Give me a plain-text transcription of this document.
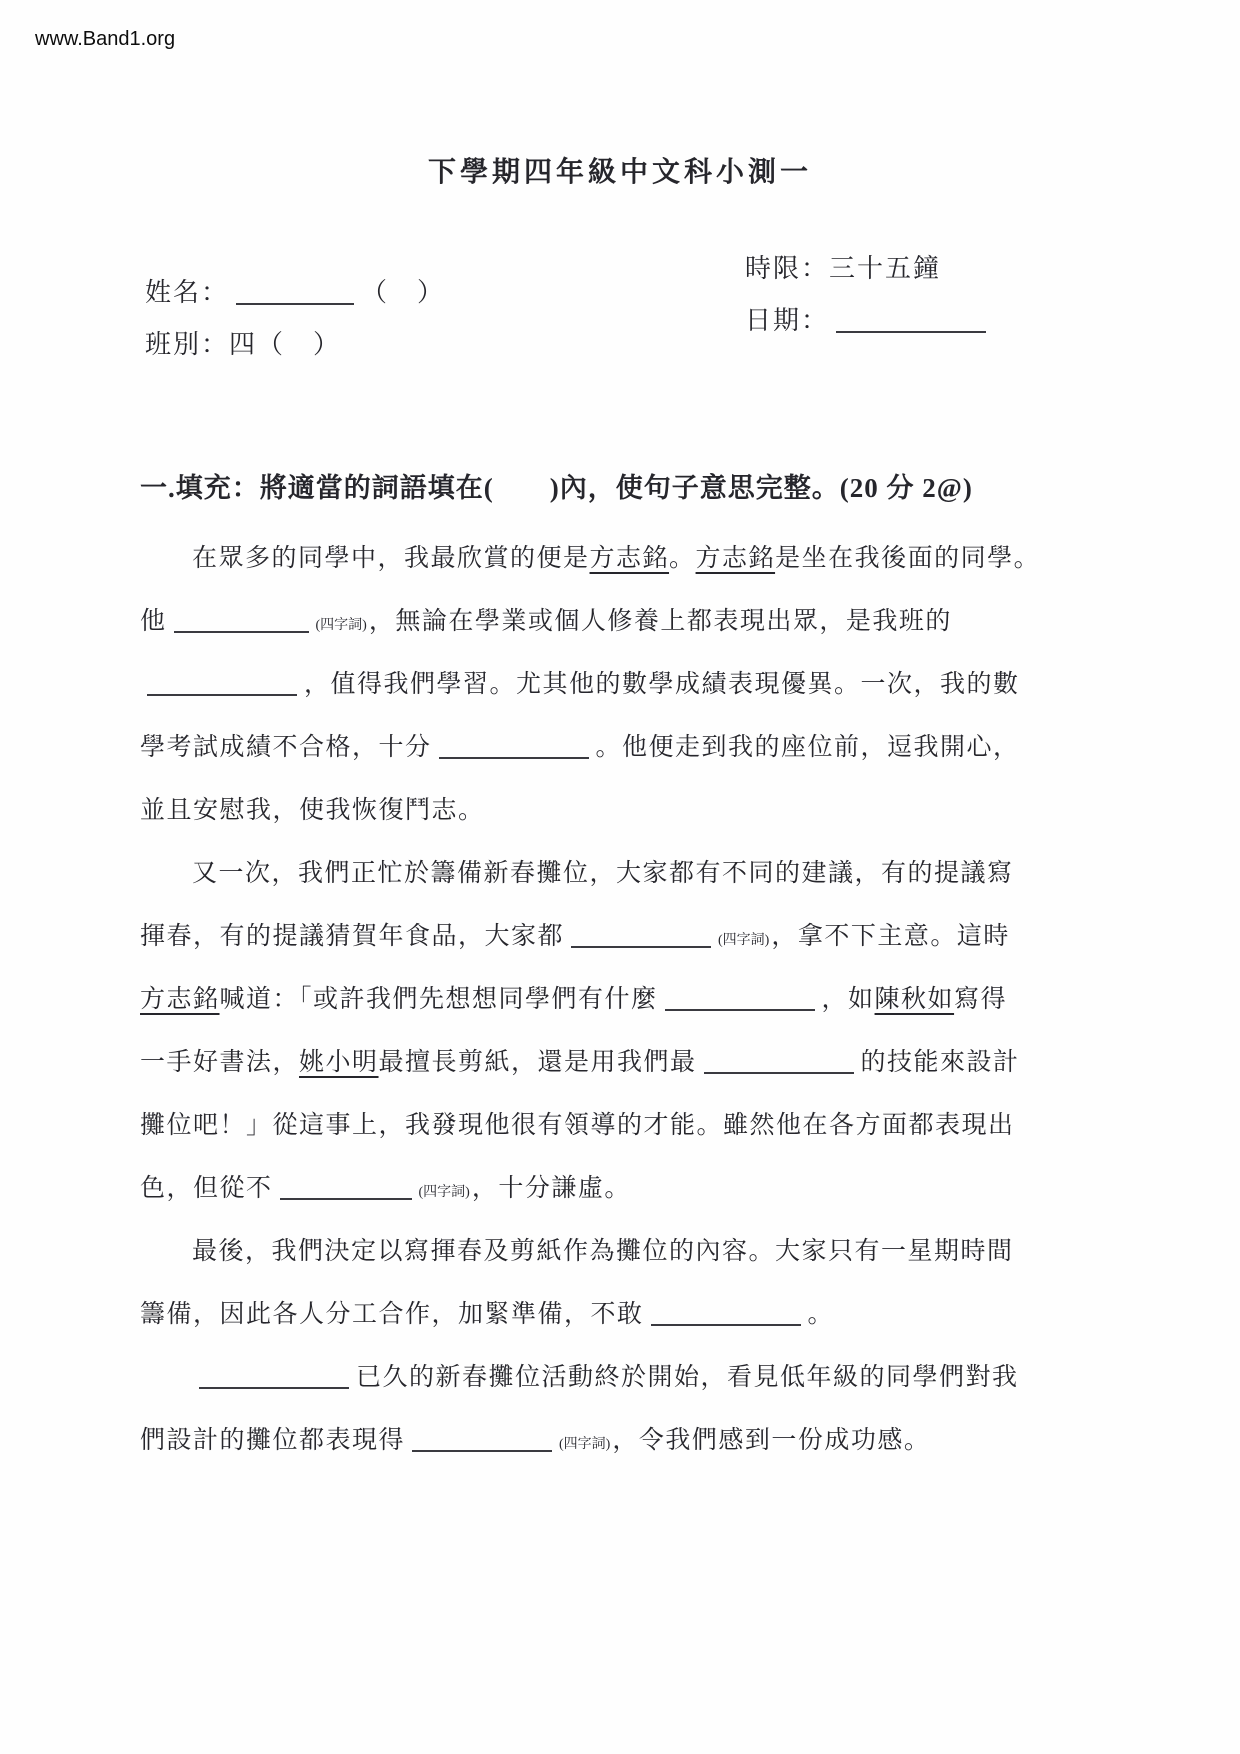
www.Band1.org
下學期四年級中文科小測一
姓名：	（　）
班別：四（　）
時限：三十五鐘
日期：
一.填充：將適當的詞語填在(　　)內，使句子意思完整。(20 分 2@)
在眾多的同學中，我最欣賞的便是方志銘。方志銘是坐在我後面的同學。
他	(四字詞)，無論在學業或個人修養上都表現出眾，是我班的
，值得我們學習。尤其他的數學成績表現優異。一次，我的數
學考試成績不合格，十分	。他便走到我的座位前，逗我開心，
並且安慰我，使我恢復鬥志。
又一次，我們正忙於籌備新春攤位，大家都有不同的建議，有的提議寫
揮春，有的提議猜賀年食品，大家都	(四字詞)，拿不下主意。這時
方志銘喊道：「或許我們先想想同學們有什麼	，如陳秋如寫得
一手好書法，姚小明最擅長剪紙，還是用我們最	的技能來設計
攤位吧！」從這事上，我發現他很有領導的才能。雖然他在各方面都表現出
色，但從不	(四字詞)，十分謙虛。
最後，我們決定以寫揮春及剪紙作為攤位的內容。大家只有一星期時間
籌備，因此各人分工合作，加緊準備，不敢	。
已久的新春攤位活動終於開始，看見低年級的同學們對我
們設計的攤位都表現得	(四字詞)，令我們感到一份成功感。
